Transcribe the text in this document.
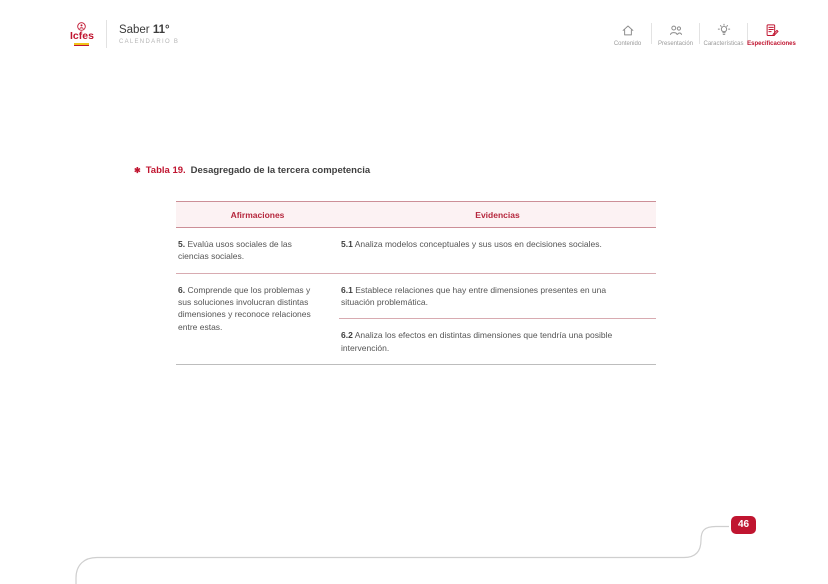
Icfes
Saber 11°
CALENDARIO B	Contenido	Presentación Características Especificaciones
✱ Tabla 19. Desagregado de la tercera competencia
Afirmaciones	Evidencias
5. Evalúa usos sociales de las ciencias sociales.	5.1 Analiza modelos conceptuales y sus usos en decisiones sociales.
6. Comprende que los problemas y sus soluciones involucran distintas dimensiones y reconoce relaciones entre estas.	6.1 Establece relaciones que hay entre dimensiones presentes en una situación problemática.
	6.2 Analiza los efectos en distintas dimensiones que tendría una posible intervención.
46
